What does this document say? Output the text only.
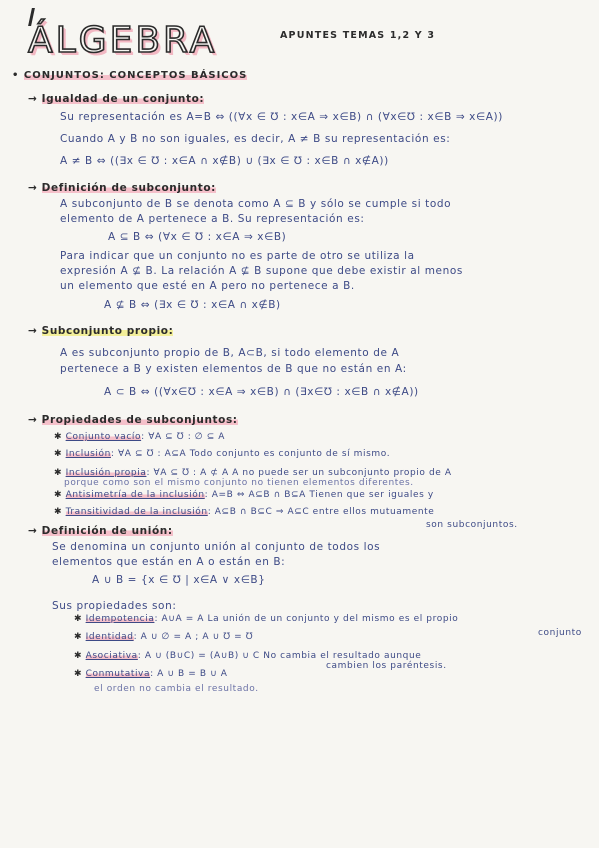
ÁLGEBRA	APUNTES TEMAS 1,2 Y 3
• CONJUNTOS: CONCEPTOS BÁSICOS
→ Igualdad de un conjunto:
Su representación es A=B ⇔ ((∀x ∈ ℧ : x∈A ⇒ x∈B) ∩ (∀x∈℧ : x∈B ⇒ x∈A))
Cuando A y B no son iguales, es decir, A ≠ B su representación es:
A ≠ B ⇔ ((∃x ∈ ℧ : x∈A ∩ x∉B) ∪ (∃x ∈ ℧ : x∈B ∩ x∉A))
→ Definición de subconjunto:
A subconjunto de B se denota como A ⊆ B y sólo se cumple si todo
elemento de A pertenece a B. Su representación es:
A ⊆ B ⇔ (∀x ∈ ℧ : x∈A ⇒ x∈B)
Para indicar que un conjunto no es parte de otro se utiliza la
expresión A ⊈ B. La relación A ⊈ B supone que debe existir al menos
un elemento que esté en A pero no pertenece a B.
A ⊈ B ⇔ (∃x ∈ ℧ : x∈A ∩ x∉B)
→ Subconjunto propio:
A es subconjunto propio de B, A⊂B, si todo elemento de A
pertenece a B y existen elementos de B que no están en A:
A ⊂ B ⇔ ((∀x∈℧ : x∈A ⇒ x∈B) ∩ (∃x∈℧ : x∈B ∩ x∉A))
→ Propiedades de subconjuntos:
✱ Conjunto vacío: ∀A ⊆ ℧ : ∅ ⊆ A
✱ Inclusión: ∀A ⊆ ℧ : A⊆A Todo conjunto es conjunto de sí mismo.
✱ Inclusión propia: ∀A ⊆ ℧ : A ⊄ A A no puede ser un subconjunto propio de A
porque como son el mismo conjunto no tienen elementos diferentes.
✱ Antisimetría de la inclusión: A=B ⇔ A⊆B ∩ B⊆A Tienen que ser iguales y
✱ Transitividad de la inclusión: A⊆B ∩ B⊆C ⇒ A⊆C entre ellos mutuamente
son subconjuntos.
→ Definición de unión:
Se denomina un conjunto unión al conjunto de todos los
elementos que están en A o están en B:
A ∪ B = {x ∈ ℧ | x∈A ∨ x∈B}
Sus propiedades son:
✱ Idempotencia: A∪A = A La unión de un conjunto y del mismo es el propio
conjunto
✱ Identidad: A ∪ ∅ = A ; A ∪ ℧ = ℧
✱ Asociativa: A ∪ (B∪C) = (A∪B) ∪ C No cambia el resultado aunque
cambien los paréntesis.
✱ Conmutativa: A ∪ B = B ∪ A
el orden no cambia el resultado.
